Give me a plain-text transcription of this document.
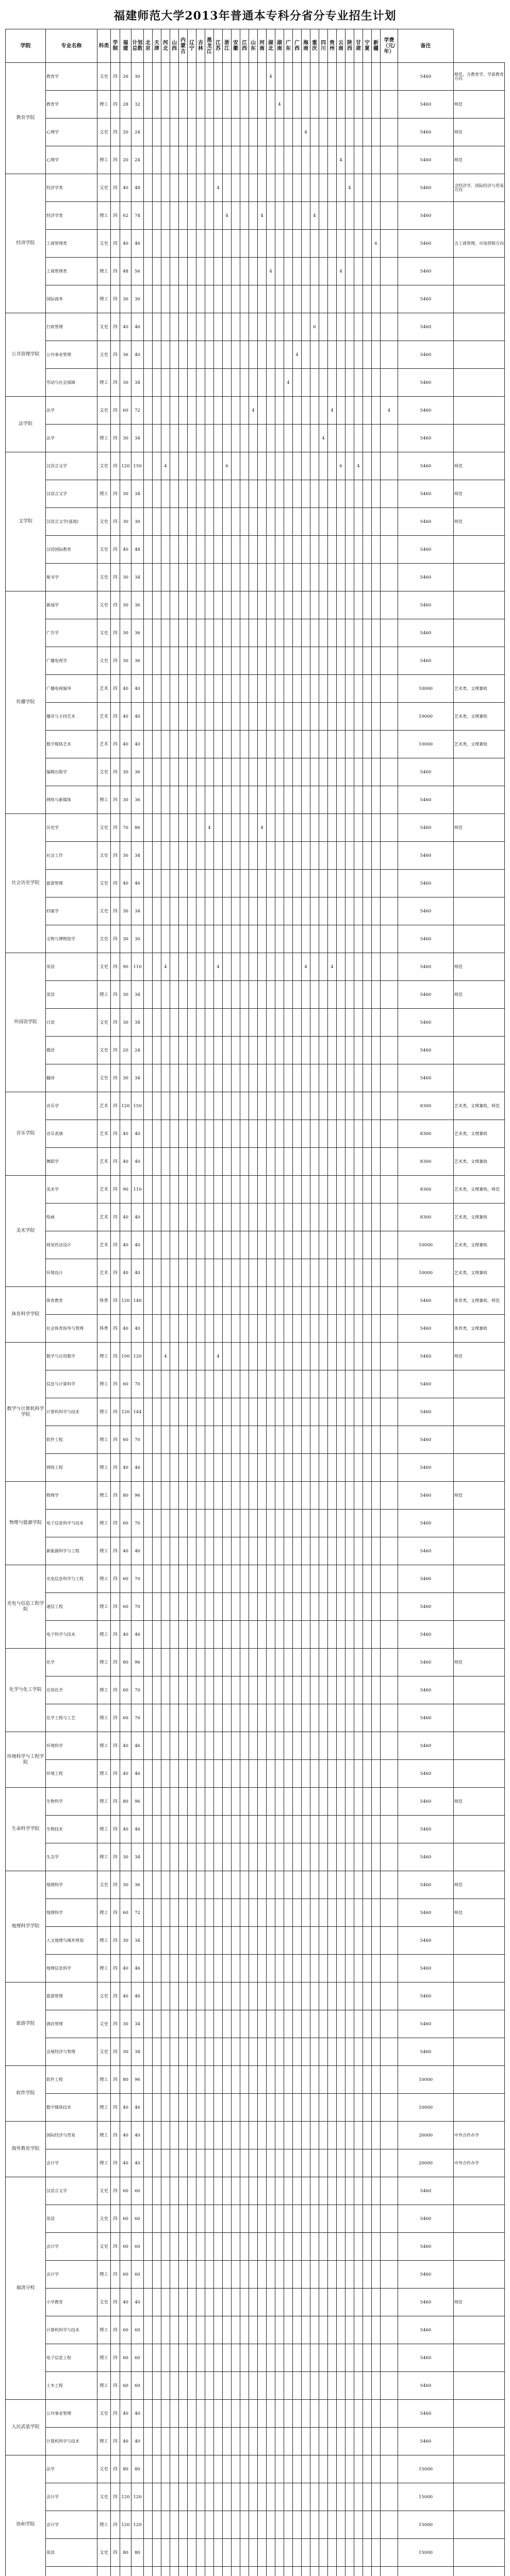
福建师范大学2013年普通本专科分省分专业招生计划
学院	专业名称	科类	学制	福建	计划总数	北京	天津	河北	山西	内蒙古	辽宁	吉林	黑龙江	江苏	浙江	安徽	江西	山东	河南	湖北	湖南	广东	广西	海南	重庆	四川	贵州	云南	陕西	甘肃	宁夏	新疆	学费（元/年）	备注	
教育学院	教育学	文史	四	26	30															4														5460	师范，含教育学、学前教育方向
	教育学	理工	四	28	32																4													5460	师范
	心理学	文史	四	20	24																			4										5460	师范
	心理学	理工	四	20	24																							4						5460	师范
经济学院	经济学类	文史	四	40	48									4															4					5460	含经济学、国际经济与贸易方向
	经济学类	理工	四	62	74										4				4						4									5460	
	工商管理类	文史	四	40	46																											6		5460	含工商管理、市场营销方向
	工商管理类	理工	四	48	56															4								4						5460	
	国际商务	理工	四	30	30																													5460	
公共管理学院	行政管理	文史	四	40	46																				6									5460	
	公共事业管理	文史	四	36	40																		4											5460	
	劳动与社会保障	理工	四	30	34																	4												5460	
法学院	法学	文史	四	60	72													4									4						4	5460	
	法学	理工	四	30	34																					4								5460	
文学院	汉语言文学	文史	四	120	150			4							6													6		4				5460	师范
	汉语言文学	理工	四	30	34																													5460	师范
	汉语言文学(基地)	文史	四	30	30																													5460	师范
	汉语国际教育	文史	四	40	48																													5460	
	秘书学	文史	四	30	34																													5460	
传播学院	新闻学	文史	四	30	36																													5460	
	广告学	文史	四	30	36																													5460	
	广播电视学	文史	四	30	36																													5460	
	广播电视编导	艺术	四	40	40																													10000	艺术类，文理兼收
	播音与主持艺术	艺术	四	40	40																													10000	艺术类，文理兼收
	数字媒体艺术	艺术	四	40	40																													10000	艺术类，文理兼收
	编辑出版学	文史	四	30	36																													5460	
	网络与新媒体	理工	四	30	36																													5460	
社会历史学院	历史学	文史	四	70	86								4						4															5460	师范
	社会工作	文史	四	30	34																													5460	
	旅游管理	文史	四	40	46																													5460	
	档案学	文史	四	30	34																													5460	
	文物与博物馆学	文史	四	30	30																													5460	
外国语学院	英语	文史	四	90	110			4						4										4			4							5460	师范
	英语	理工	四	30	34																													5460	师范
	日语	文史	四	30	34																													5460	
	俄语	文史	四	20	24																													5460	
	翻译	文史	四	30	34																													5460	
音乐学院	音乐学	艺术	四	120	150																													8300	艺术类，文理兼收，师范
	音乐表演	艺术	四	40	40																													8300	艺术类，文理兼收
	舞蹈学	艺术	四	40	40																													8300	艺术类，文理兼收
美术学院	美术学	艺术	四	90	110																													8300	艺术类，文理兼收，师范
	绘画	艺术	四	40	40																													8300	艺术类，文理兼收
	视觉传达设计	艺术	四	40	40																													10000	艺术类，文理兼收
	环境设计	艺术	四	40	40																													10000	艺术类，文理兼收
体育科学学院	体育教育	体育	四	120	140																													5460	体育类，文理兼收，师范
	社会体育指导与管理	体育	四	40	40																													5460	体育类，文理兼收
数学与计算机科学学院	数学与应用数学	理工	四	100	120			4						4																				5460	师范
	信息与计算科学	理工	四	60	70																													5460	
	计算机科学与技术	理工	四	120	144																													5460	
	软件工程	理工	四	60	70																													5460	
	网络工程	理工	四	40	46																													5460	
物理与能源学院	物理学	理工	四	80	96																													5460	师范
	电子信息科学与技术	理工	四	60	70																													5460	
	新能源科学与工程	理工	四	40	46																													5460	
光电与信息工程学院	光电信息科学与工程	理工	四	60	70																													5460	
	通信工程	理工	四	60	70																													5460	
	电子科学与技术	理工	四	40	46																													5460	
化学与化工学院	化学	理工	四	80	96																													5460	师范
	应用化学	理工	四	60	70																													5460	
	化学工程与工艺	理工	四	60	70																													5460	
环境科学与工程学院	环境科学	理工	四	40	46																													5460	
	环境工程	理工	四	40	46																													5460	
生命科学学院	生物科学	理工	四	80	96																													5460	师范
	生物技术	理工	四	40	46																													5460	
	生态学	理工	四	30	34																													5460	
地理科学学院	地理科学	文史	四	30	36																													5460	师范
	地理科学	理工	四	60	72																													5460	师范
	人文地理与城乡规划	理工	四	30	34																													5460	
	地理信息科学	理工	四	40	46																													5460	
旅游学院	旅游管理	文史	四	40	46																													5460	
	酒店管理	文史	四	30	34																													5460	
	会展经济与管理	文史	四	30	34																													5460	
软件学院	软件工程	理工	四	80	96																													10000	
	数字媒体技术	理工	四	40	46																													10000	
海外教育学院	国际经济与贸易	理工	四	40	40																													20000	中外合作办学
	会计学	理工	四	40	40																													20000	中外合作办学
福清分校	汉语言文学	文史	四	60	60																													5460	
	英语	文史	四	60	60																													5460	
	会计学	文史	四	60	60																													5460	
	会计学	理工	四	60	60																													5460	
	小学教育	文史	四	40	40																													5460	师范
	计算机科学与技术	理工	四	60	60																													5460	
	电子信息工程	理工	四	60	60																													5460	
	土木工程	理工	四	60	60																													5460	
人民武装学院	公共事业管理	文史	四	40	40																													5460	
	计算机科学与技术	理工	四	40	40																													5460	
协和学院	法学	文史	四	80	80																													15000	
	会计学	文史	四	120	120																													15000	
	会计学	理工	四	120	120																													15000	
	英语	文史	四	80	80																													15000	
